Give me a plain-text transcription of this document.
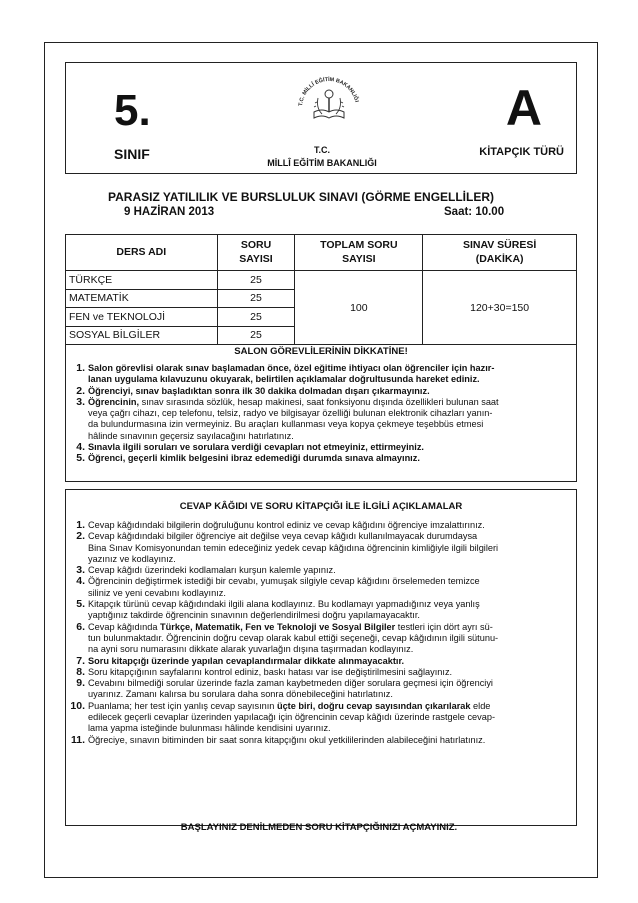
5.
SINIF
T.C. MİLLÎ EĞİTİM BAKANLIĞI
T.C.
MİLLÎ EĞİTİM BAKANLIĞI
A
KİTAPÇIK TÜRÜ
PARASIZ YATILILIK VE BURSLULUK SINAVI (GÖRME ENGELLİLER)
9 HAZİRAN 2013	Saat: 10.00
DERS ADI	SORU SAYISI	TOPLAM SORU SAYISI	SINAV SÜRESİ (DAKİKA)
TÜRKÇE	25	100	120+30=150
MATEMATİK	25		
FEN ve TEKNOLOJİ	25		
SOSYAL BİLGİLER	25		
SALON GÖREVLİLERİNİN DİKKATİNE!
1. Salon görevlisi olarak sınav başlamadan önce, özel eğitime ihtiyacı olan öğrenciler için hazır-
lanan uygulama kılavuzunu okuyarak, belirtilen açıklamalar doğrultusunda hareket ediniz.
2. Öğrenciyi, sınav başladıktan sonra ilk 30 dakika dolmadan dışarı çıkarmayınız.
3. Öğrencinin, sınav sırasında sözlük, hesap makinesi, saat fonksiyonu dışında özellikleri bulunan saat
veya çağrı cihazı, cep telefonu, telsiz, radyo ve bilgisayar özelliği bulunan elektronik cihazları yanın-
da bulundurmasına izin vermeyiniz. Bu araçları kullanması veya kopya çekmeye teşebbüs etmesi
hâlinde sınavının geçersiz sayılacağını hatırlatınız.
4. Sınavla ilgili soruları ve sorulara verdiği cevapları not etmeyiniz, ettirmeyiniz.
5. Öğrenci, geçerli kimlik belgesini ibraz edemediği durumda sınava almayınız.
CEVAP KÂĞIDI VE SORU KİTAPÇIĞI İLE İLGİLİ AÇIKLAMALAR
1. Cevap kâğıdındaki bilgilerin doğruluğunu kontrol ediniz ve cevap kâğıdını öğrenciye imzalattırınız.
2. Cevap kâğıdındaki bilgiler öğrenciye ait değilse veya cevap kâğıdı kullanılmayacak durumdaysa
Bina Sınav Komisyonundan temin edeceğiniz yedek cevap kâğıdına öğrencinin kimliğiyle ilgili bilgileri
yazınız ve kodlayınız.
3. Cevap kâğıdı üzerindeki kodlamaları kurşun kalemle yapınız.
4. Öğrencinin değiştirmek istediği bir cevabı, yumuşak silgiyle cevap kâğıdını örselemeden temizce
siliniz ve yeni cevabını kodlayınız.
5. Kitapçık türünü cevap kâğıdındaki ilgili alana kodlayınız. Bu kodlamayı yapmadığınız veya yanlış
yaptığınız takdirde öğrencinin sınavının değerlendirilmesi doğru yapılamayacaktır.
6. Cevap kâğıdında Türkçe, Matematik, Fen ve Teknoloji ve Sosyal Bilgiler testleri için dört ayrı sü-
tun bulunmaktadır. Öğrencinin doğru cevap olarak kabul ettiği seçeneği, cevap kâğıdının ilgili sütunu-
na ayni soru numarasını dikkate alarak yuvarlağın dışına taşırmadan kodlayınız.
7. Soru kitapçığı üzerinde yapılan cevaplandırmalar dikkate alınmayacaktır.
8. Soru kitapçığının sayfalarını kontrol ediniz, baskı hatası var ise değiştirilmesini sağlayınız.
9. Cevabını bilmediği sorular üzerinde fazla zaman kaybetmeden diğer sorulara geçmesi için öğrenciyi
uyarınız. Zamanı kalırsa bu sorulara daha sonra dönebileceğini hatırlatınız.
10. Puanlama; her test için yanlış cevap sayısının üçte biri, doğru cevap sayısından çıkarılarak elde
edilecek geçerli cevaplar üzerinden yapılacağı için öğrencinin cevap kâğıdı üzerinde rastgele cevap-
lama yapma isteğinde bulunması hâlinde kendisini uyarınız.
11. Öğreciye, sınavın bitiminden bir saat sonra kitapçığını okul yetkililerinden alabileceğini hatırlatınız.
BAŞLAYINIZ DENİLMEDEN SORU KİTAPÇIĞINIZI AÇMAYINIZ.
